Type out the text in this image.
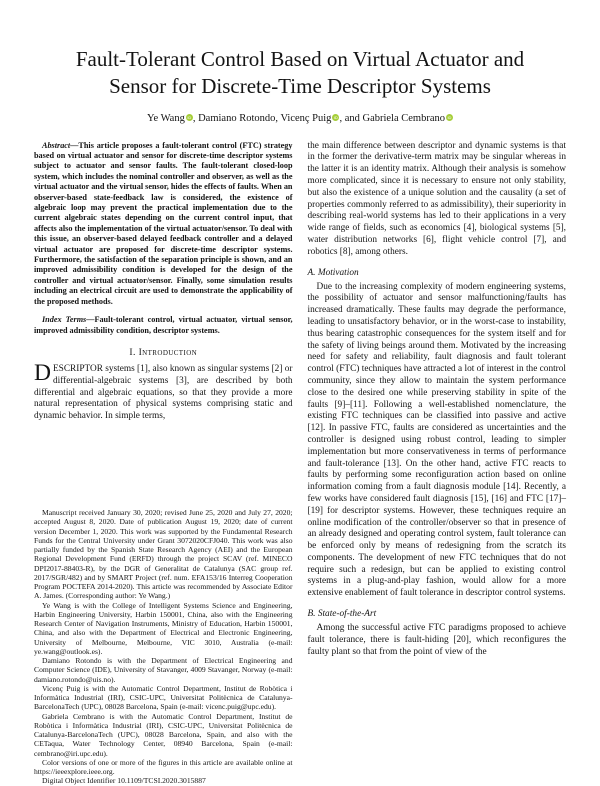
Fault-Tolerant Control Based on Virtual Actuator and Sensor for Discrete-Time Descriptor Systems
Ye Wang iD , Damiano Rotondo, Vicenç Puig iD , and Gabriela Cembrano iD

Abstract—This article proposes a fault-tolerant control (FTC) strategy based on virtual actuator and sensor for discrete-time descriptor systems subject to actuator and sensor faults. The fault-tolerant closed-loop system, which includes the nominal controller and observer, as well as the virtual actuator and the virtual sensor, hides the effects of faults. When an observer-based state-feedback law is considered, the existence of algebraic loop may prevent the practical implementation due to the current algebraic states depending on the current control input, that affects also the implementation of the virtual actuator/sensor. To deal with this issue, an observer-based delayed feedback controller and a delayed virtual actuator are proposed for discrete-time descriptor systems. Furthermore, the satisfaction of the separation principle is shown, and an improved admissibility condition is developed for the design of the controller and virtual actuator/sensor. Finally, some simulation results including an electrical circuit are used to demonstrate the applicability of the proposed methods.

Index Terms—Fault-tolerant control, virtual actuator, virtual sensor, improved admissibility condition, descriptor systems.

I. Introduction

DESCRIPTOR systems [1], also known as singular systems [2] or differential-algebraic systems [3], are described by both differential and algebraic equations, so that they provide a more natural representation of physical systems comprising static and dynamic behavior. In simple terms,

Manuscript received January 30, 2020; revised June 25, 2020 and July 27, 2020; accepted August 8, 2020. Date of publication August 19, 2020; date of current version December 1, 2020. This work was supported by the Fundamental Research Funds for the Central University under Grant 3072020CFJ040. This work was also partially funded by the Spanish State Research Agency (AEI) and the European Regional Development Fund (ERFD) through the project SCAV (ref. MINECO DPI2017-88403-R), by the DGR of Generalitat de Catalunya (SAC group ref. 2017/SGR/482) and by SMART Project (ref. num. EFA153/16 Interreg Cooperation Program POCTEFA 2014-2020). This article was recommended by Associate Editor A. James. (Corresponding author: Ye Wang.)

Ye Wang is with the College of Intelligent Systems Science and Engineering, Harbin Engineering University, Harbin 150001, China, also with the Engineering Research Center of Navigation Instruments, Ministry of Education, Harbin 150001, China, and also with the Department of Electrical and Electronic Engineering, University of Melbourne, Melbourne, VIC 3010, Australia (e-mail: ye.wang@outlook.es).

Damiano Rotondo is with the Department of Electrical Engineering and Computer Science (IDE), University of Stavanger, 4009 Stavanger, Norway (e-mail: damiano.rotondo@uis.no).

Vicenç Puig is with the Automatic Control Department, Institut de Robòtica i Informàtica Industrial (IRI), CSIC-UPC, Universitat Politècnica de Catalunya-BarcelonaTech (UPC), 08028 Barcelona, Spain (e-mail: vicenc.puig@upc.edu).

Gabriela Cembrano is with the Automatic Control Department, Institut de Robòtica i Informàtica Industrial (IRI), CSIC-UPC, Universitat Politècnica de Catalunya-BarcelonaTech (UPC), 08028 Barcelona, Spain, and also with the CETaqua, Water Technology Center, 08940 Barcelona, Spain (e-mail: cembrano@iri.upc.edu).

Color versions of one or more of the figures in this article are available online at https://ieeexplore.ieee.org.

Digital Object Identifier 10.1109/TCSI.2020.3015887

the main difference between descriptor and dynamic systems is that in the former the derivative-term matrix may be singular whereas in the latter it is an identity matrix. Although their analysis is somehow more complicated, since it is necessary to ensure not only stability, but also the existence of a unique solution and the causality (a set of properties commonly referred to as admissibility), their superiority in describing real-world systems has led to their applications in a very wide range of fields, such as economics [4], biological systems [5], water distribution networks [6], flight vehicle control [7], and robotics [8], among others.

A. Motivation

Due to the increasing complexity of modern engineering systems, the possibility of actuator and sensor malfunctioning/faults has increased dramatically. These faults may degrade the performance, leading to unsatisfactory behavior, or in the worst-case to instability, thus bearing catastrophic consequences for the system itself and for the safety of living beings around them. Motivated by the increasing need for safety and reliability, fault diagnosis and fault tolerant control (FTC) techniques have attracted a lot of interest in the control community, since they allow to maintain the system performance close to the desired one while preserving stability in spite of the faults [9]–[11]. Following a well-established nomenclature, the existing FTC techniques can be classified into passive and active [12]. In passive FTC, faults are considered as uncertainties and the controller is designed using robust control, leading to simpler implementation but more conservativeness in terms of performance and fault-tolerance [13]. On the other hand, active FTC reacts to faults by performing some reconfiguration action based on online information coming from a fault diagnosis module [14]. Recently, a few works have considered fault diagnosis [15], [16] and FTC [17]–[19] for descriptor systems. However, these techniques require an online modification of the controller/observer so that in presence of an already designed and operating control system, fault tolerance can be enforced only by means of redesigning from the scratch its components. The development of new FTC techniques that do not require such a redesign, but can be applied to existing control systems in a plug-and-play fashion, would allow for a more extensive enablement of fault tolerance in descriptor control systems.

B. State-of-the-Art

Among the successful active FTC paradigms proposed to achieve fault tolerance, there is fault-hiding [20], which reconfigures the faulty plant so that from the point of view of the
